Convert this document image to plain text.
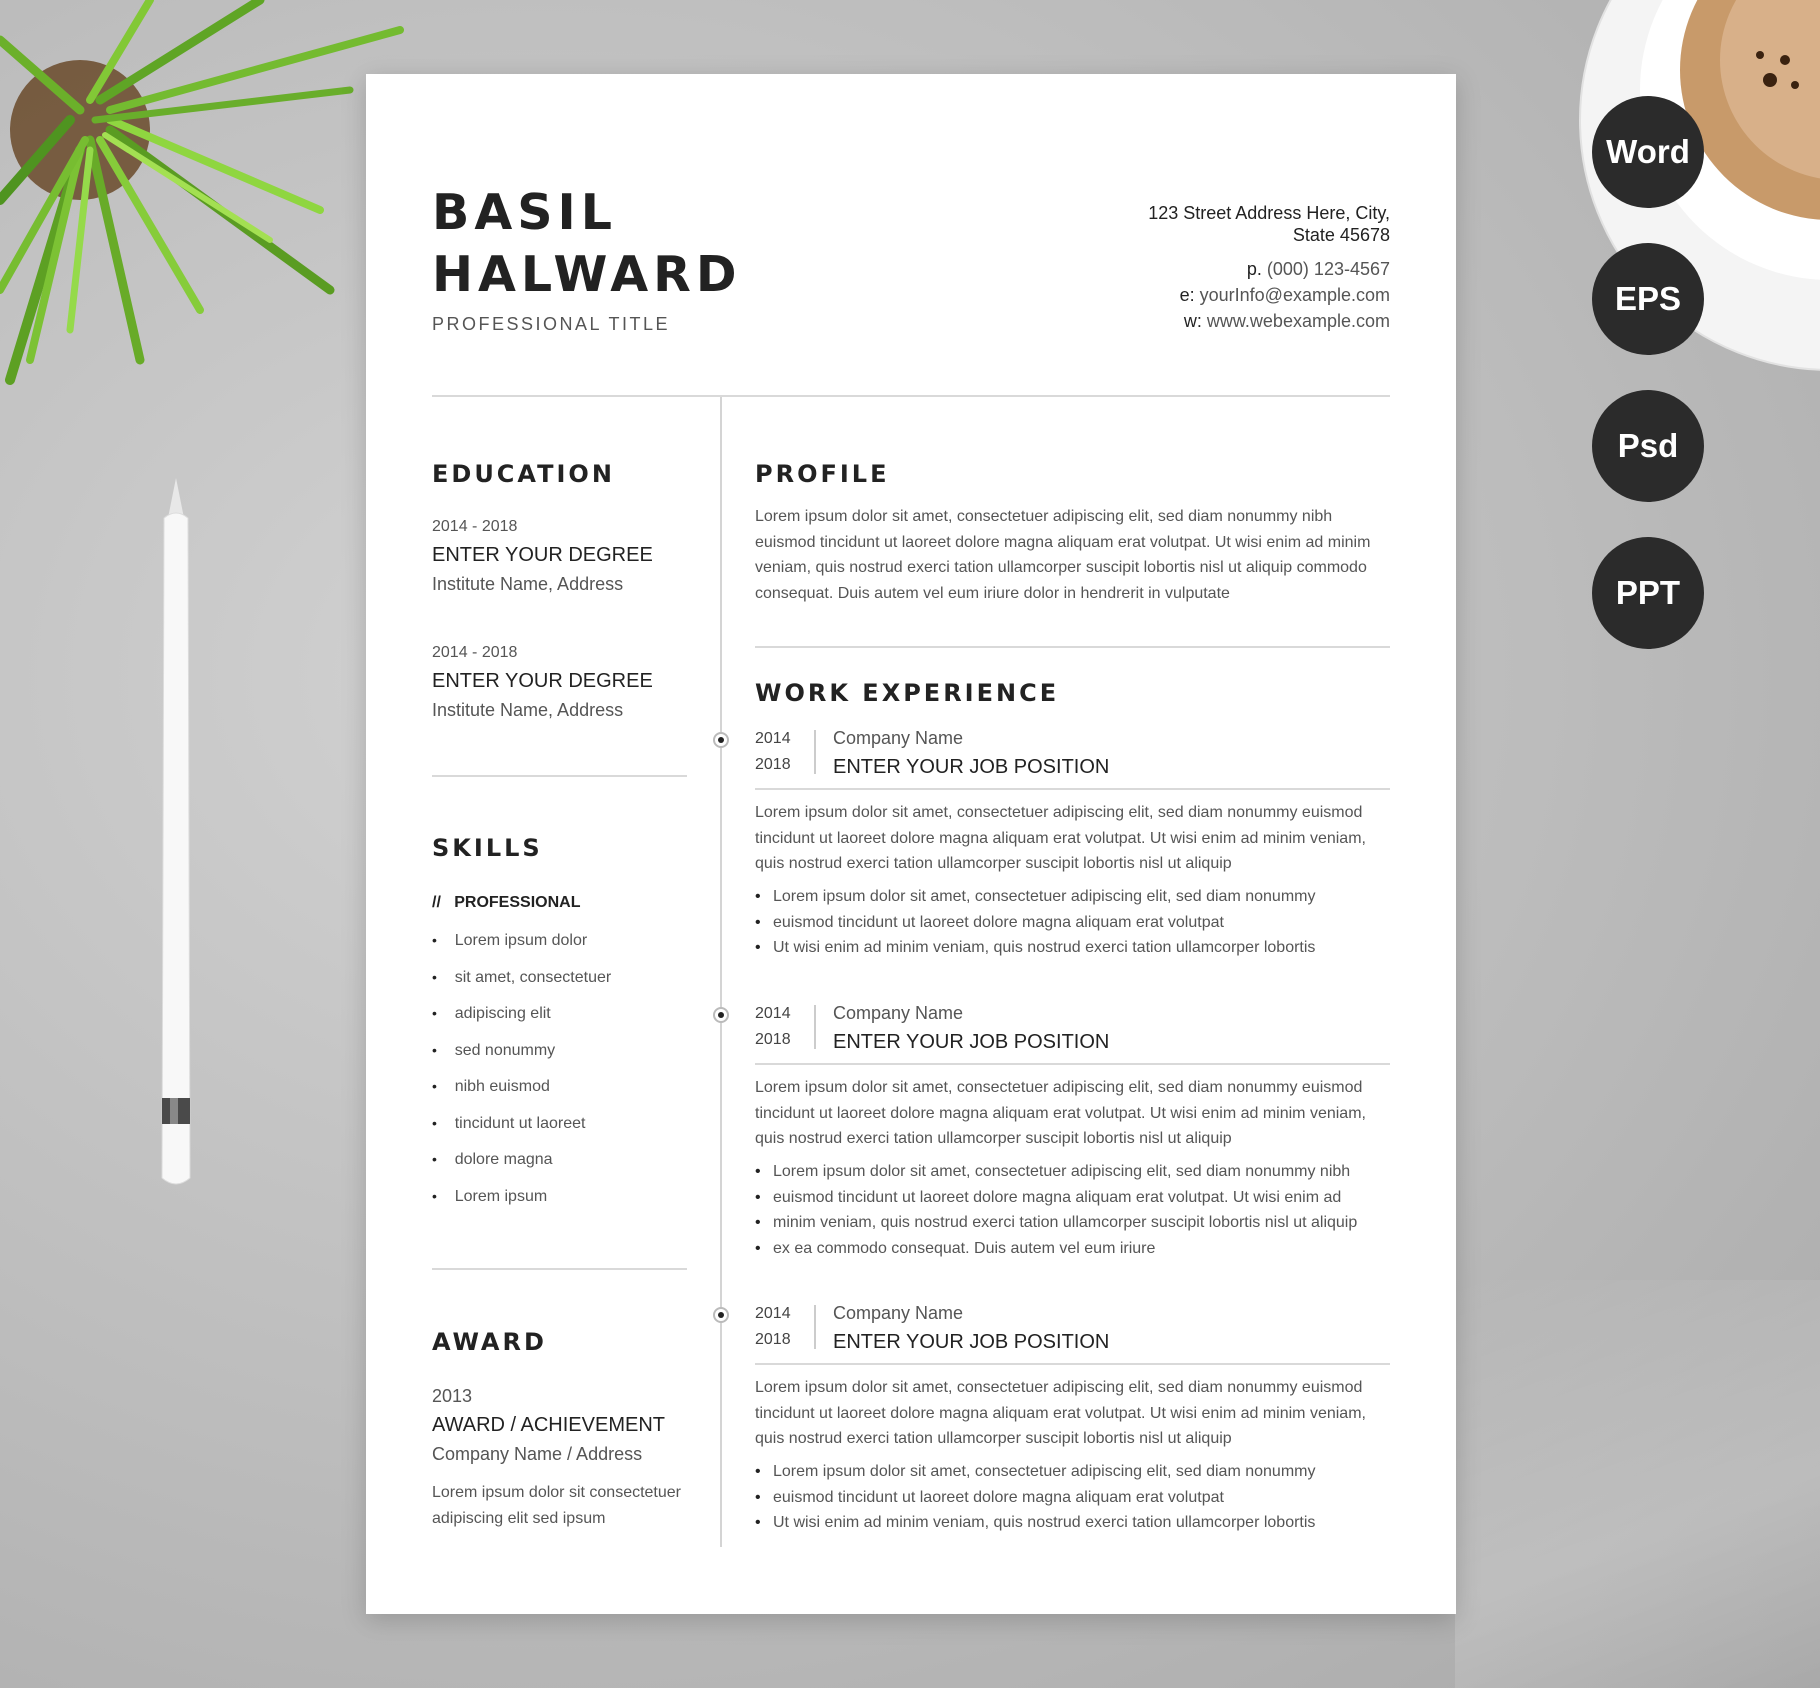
Word
EPS
Psd
PPT
BASIL
HALWARD
PROFESSIONAL TITLE
123 Street Address Here, City,
State 45678
p. (000) 123-4567
e: yourInfo@example.com
w: www.webexample.com
EDUCATION
2014 - 2018
ENTER YOUR DEGREE
Institute Name, Address
2014 - 2018
ENTER YOUR DEGREE
Institute Name, Address
SKILLS
// PROFESSIONAL
• Lorem ipsum dolor
• sit amet, consectetuer
• adipiscing elit
• sed nonummy
• nibh euismod
• tincidunt ut laoreet
• dolore magna
• Lorem ipsum
AWARD
2013
AWARD / ACHIEVEMENT
Company Name / Address
Lorem ipsum dolor sit consectetuer
adipiscing elit sed ipsum
PROFILE
Lorem ipsum dolor sit amet, consectetuer adipiscing elit, sed diam nonummy nibh
euismod tincidunt ut laoreet dolore magna aliquam erat volutpat. Ut wisi enim ad minim
veniam, quis nostrud exerci tation ullamcorper suscipit lobortis nisl ut aliquip commodo
consequat. Duis autem vel eum iriure dolor in hendrerit in vulputate
WORK EXPERIENCE
2014
2018
Company Name
ENTER YOUR JOB POSITION
Lorem ipsum dolor sit amet, consectetuer adipiscing elit, sed diam nonummy euismod
tincidunt ut laoreet dolore magna aliquam erat volutpat. Ut wisi enim ad minim veniam,
quis nostrud exerci tation ullamcorper suscipit lobortis nisl ut aliquip
• Lorem ipsum dolor sit amet, consectetuer adipiscing elit, sed diam nonummy
• euismod tincidunt ut laoreet dolore magna aliquam erat volutpat
• Ut wisi enim ad minim veniam, quis nostrud exerci tation ullamcorper lobortis
2014
2018
Company Name
ENTER YOUR JOB POSITION
Lorem ipsum dolor sit amet, consectetuer adipiscing elit, sed diam nonummy euismod
tincidunt ut laoreet dolore magna aliquam erat volutpat. Ut wisi enim ad minim veniam,
quis nostrud exerci tation ullamcorper suscipit lobortis nisl ut aliquip
• Lorem ipsum dolor sit amet, consectetuer adipiscing elit, sed diam nonummy nibh
• euismod tincidunt ut laoreet dolore magna aliquam erat volutpat. Ut wisi enim ad
• minim veniam, quis nostrud exerci tation ullamcorper suscipit lobortis nisl ut aliquip
• ex ea commodo consequat. Duis autem vel eum iriure
2014
2018
Company Name
ENTER YOUR JOB POSITION
Lorem ipsum dolor sit amet, consectetuer adipiscing elit, sed diam nonummy euismod
tincidunt ut laoreet dolore magna aliquam erat volutpat. Ut wisi enim ad minim veniam,
quis nostrud exerci tation ullamcorper suscipit lobortis nisl ut aliquip
• Lorem ipsum dolor sit amet, consectetuer adipiscing elit, sed diam nonummy
• euismod tincidunt ut laoreet dolore magna aliquam erat volutpat
• Ut wisi enim ad minim veniam, quis nostrud exerci tation ullamcorper lobortis
